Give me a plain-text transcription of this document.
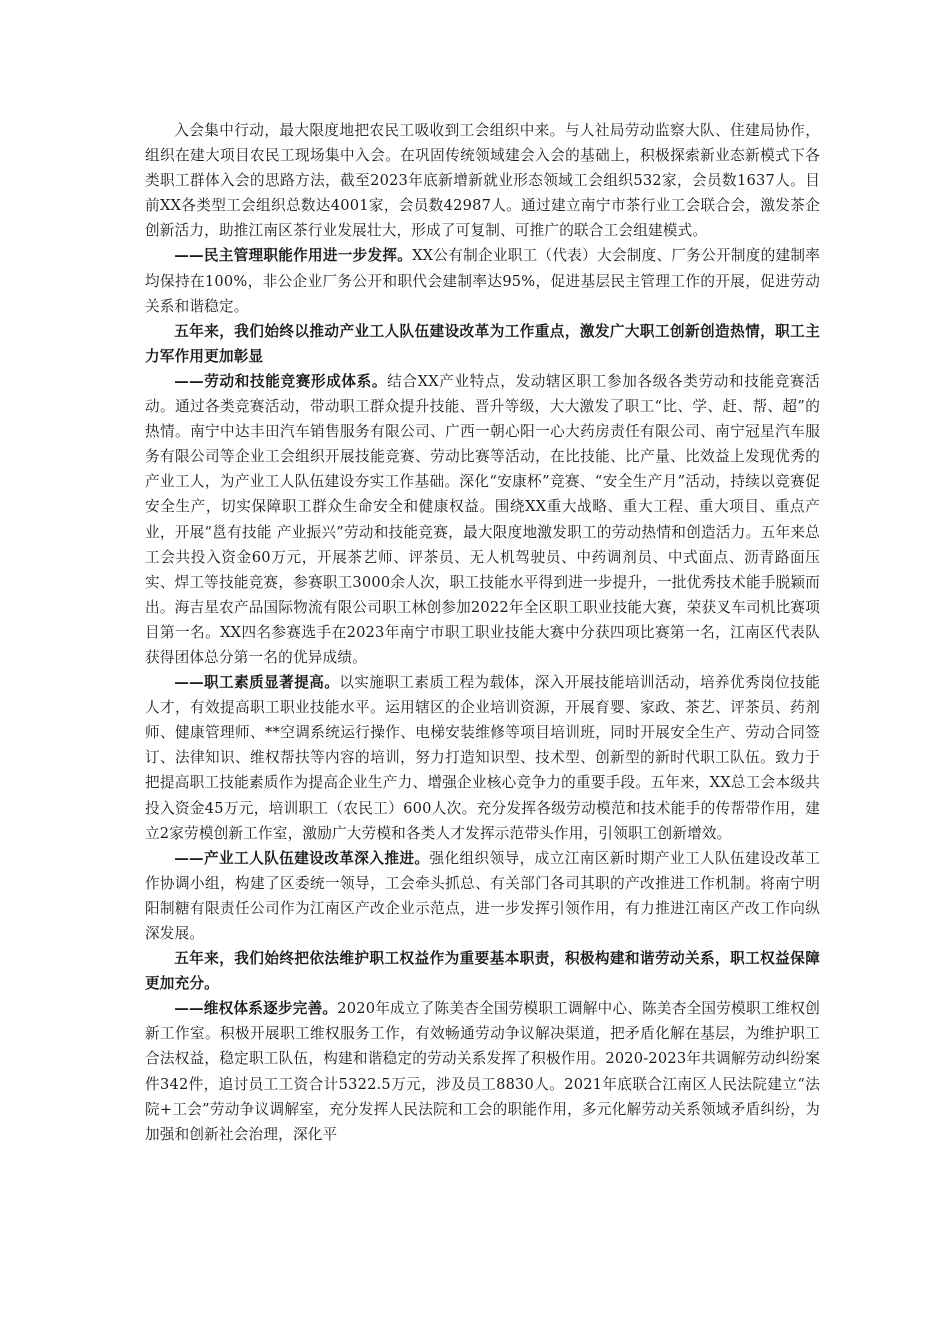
入会集中行动，最大限度地把农民工吸收到工会组织中来。与人社局劳动监察大队、住建局协作，组织在建大项目农民工现场集中入会。在巩固传统领域建会入会的基础上，积极探索新业态新模式下各类职工群体入会的思路方法，截至2023年底新增新就业形态领域工会组织532家，会员数1637人。目前XX各类型工会组织总数达4001家，会员数42987人。通过建立南宁市茶行业工会联合会，激发茶企创新活力，助推江南区茶行业发展壮大，形成了可复制、可推广的联合工会组建模式。

——民主管理职能作用进一步发挥。XX公有制企业职工（代表）大会制度、厂务公开制度的建制率均保持在100%，非公企业厂务公开和职代会建制率达95%，促进基层民主管理工作的开展，促进劳动关系和谐稳定。

五年来，我们始终以推动产业工人队伍建设改革为工作重点，激发广大职工创新创造热情，职工主力军作用更加彰显

——劳动和技能竞赛形成体系。结合XX产业特点，发动辖区职工参加各级各类劳动和技能竞赛活动。通过各类竞赛活动，带动职工群众提升技能、晋升等级，大大激发了职工“比、学、赶、帮、超”的热情。南宁中达丰田汽车销售服务有限公司、广西一朝心阳一心大药房责任有限公司、南宁冠星汽车服务有限公司等企业工会组织开展技能竞赛、劳动比赛等活动，在比技能、比产量、比效益上发现优秀的产业工人，为产业工人队伍建设夯实工作基础。深化“安康杯”竞赛、“安全生产月”活动，持续以竞赛促安全生产，切实保障职工群众生命安全和健康权益。围绕XX重大战略、重大工程、重大项目、重点产业，开展“邕有技能 产业振兴”劳动和技能竞赛，最大限度地激发职工的劳动热情和创造活力。五年来总工会共投入资金60万元，开展茶艺师、评茶员、无人机驾驶员、中药调剂员、中式面点、沥青路面压实、焊工等技能竞赛，参赛职工3000余人次，职工技能水平得到进一步提升，一批优秀技术能手脱颖而出。海吉星农产品国际物流有限公司职工林创参加2022年全区职工职业技能大赛，荣获叉车司机比赛项目第一名。XX四名参赛选手在2023年南宁市职工职业技能大赛中分获四项比赛第一名，江南区代表队获得团体总分第一名的优异成绩。

——职工素质显著提高。以实施职工素质工程为载体，深入开展技能培训活动，培养优秀岗位技能人才，有效提高职工职业技能水平。运用辖区的企业培训资源，开展育婴、家政、茶艺、评茶员、药剂师、健康管理师、**空调系统运行操作、电梯安装维修等项目培训班，同时开展安全生产、劳动合同签订、法律知识、维权帮扶等内容的培训，努力打造知识型、技术型、创新型的新时代职工队伍。致力于把提高职工技能素质作为提高企业生产力、增强企业核心竞争力的重要手段。五年来，XX总工会本级共投入资金45万元，培训职工（农民工）600人次。充分发挥各级劳动模范和技术能手的传帮带作用，建立2家劳模创新工作室，激励广大劳模和各类人才发挥示范带头作用，引领职工创新增效。

——产业工人队伍建设改革深入推进。强化组织领导，成立江南区新时期产业工人队伍建设改革工作协调小组，构建了区委统一领导，工会牵头抓总、有关部门各司其职的产改推进工作机制。将南宁明阳制糖有限责任公司作为江南区产改企业示范点，进一步发挥引领作用，有力推进江南区产改工作向纵深发展。

五年来，我们始终把依法维护职工权益作为重要基本职责，积极构建和谐劳动关系，职工权益保障更加充分。

——维权体系逐步完善。2020年成立了陈美杏全国劳模职工调解中心、陈美杏全国劳模职工维权创新工作室。积极开展职工维权服务工作，有效畅通劳动争议解决渠道，把矛盾化解在基层，为维护职工合法权益，稳定职工队伍，构建和谐稳定的劳动关系发挥了积极作用。2020-2023年共调解劳动纠纷案件342件，追讨员工工资合计5322.5万元，涉及员工8830人。2021年底联合江南区人民法院建立“法院+工会”劳动争议调解室，充分发挥人民法院和工会的职能作用，多元化解劳动关系领域矛盾纠纷，为加强和创新社会治理，深化平
